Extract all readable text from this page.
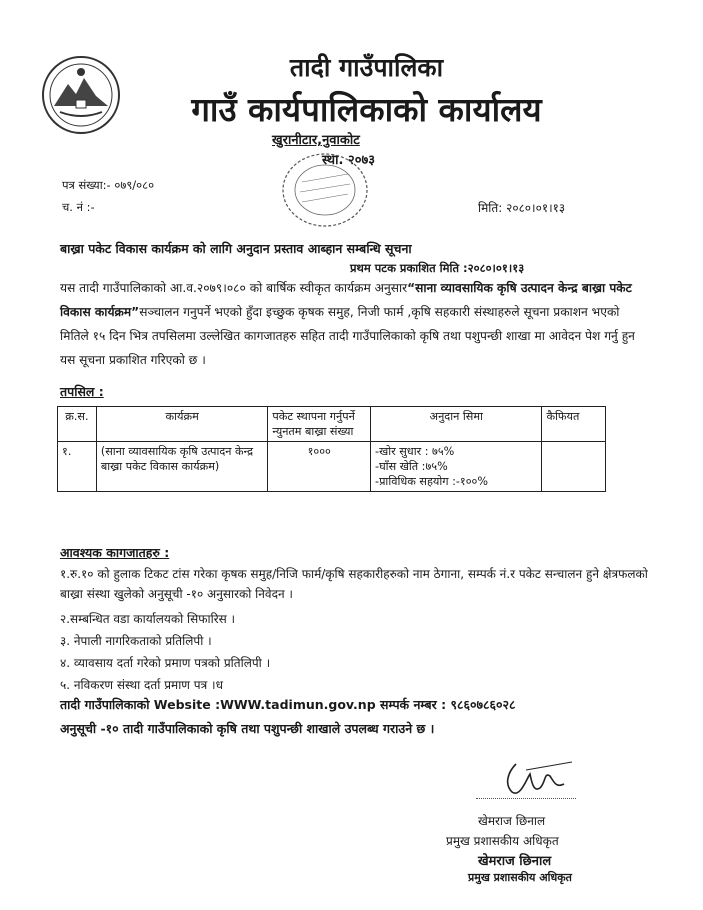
तादी गाउँपालिका
गाउँ कार्यपालिकाको कार्यालय
खुरानीटार,नुवाकोट
स्था. २०७३
पत्र संख्या:- ०७९/०८०
च. नं :-	मिति: २०८०।०१।१३
बाख्रा पकेट विकास कार्यक्रम को लागि अनुदान प्रस्ताव आब्हान सम्बन्धि सूचना
प्रथम पटक प्रकाशित मिति :२०८०।०१।१३
यस तादी गाउँपालिकाको आ.व.२०७९।०८० को बार्षिक स्वीकृत कार्यक्रम अनुसार“साना व्यावसायिक कृषि उत्पादन केन्द्र बाख्रा पकेट विकास कार्यक्रम”सञ्चालन गनुपर्ने भएको हुँदा इच्छुक कृषक समुह, निजी फार्म ,कृषि सहकारी संस्थाहरुले सूचना प्रकाशन भएको मितिले १५ दिन भित्र तपसिलमा उल्लेखित कागजातहरु सहित तादी गाउँपालिकाको कृषि तथा पशुपन्छी शाखा मा आवेदन पेश गर्नु हुन यस सूचना प्रकाशित गरिएको छ ।
तपसिल :
क्र.स.	कार्यक्रम	पकेट स्थापना गर्नुपर्ने न्युनतम बाख्रा संख्या	अनुदान सिमा	कैफियत
१.	(साना व्यावसायिक कृषि उत्पादन केन्द्र बाख्रा पकेट विकास कार्यक्रम)	१०००	-खोर सुधार : ७५%
-घाँस खेति :७५%
-प्राविधिक सहयोग :-१००%	

आवश्यक कागजातहरु :
१.रु.१० को हुलाक टिकट टांस गरेका कृषक समुह/निजि फार्म/कृषि सहकारीहरुको नाम ठेगाना, सम्पर्क नं.र पकेट सन्चालन हुने क्षेत्रफलको बाख्रा संस्था खुलेको अनुसूची -१० अनुसारको निवेदन ।
२.सम्बन्धित वडा कार्यालयको सिफारिस ।
३. नेपाली नागरिकताको प्रतिलिपी ।
४. व्यावसाय दर्ता गरेको प्रमाण पत्रको प्रतिलिपी ।
५. नविकरण संस्था दर्ता प्रमाण पत्र ।ध
तादी गाउँपालिकाको Website :WWW.tadimun.gov.np सम्पर्क नम्बर : ९८६०७८६०२८
अनुसूची -१० तादी गाउँपालिकाको कृषि तथा पशुपन्छी शाखाले उपलब्ध गराउने छ ।
खेमराज छिनाल
प्रमुख प्रशासकीय अधिकृत
खेमराज छिनाल
प्रमुख प्रशासकीय अधिकृत
